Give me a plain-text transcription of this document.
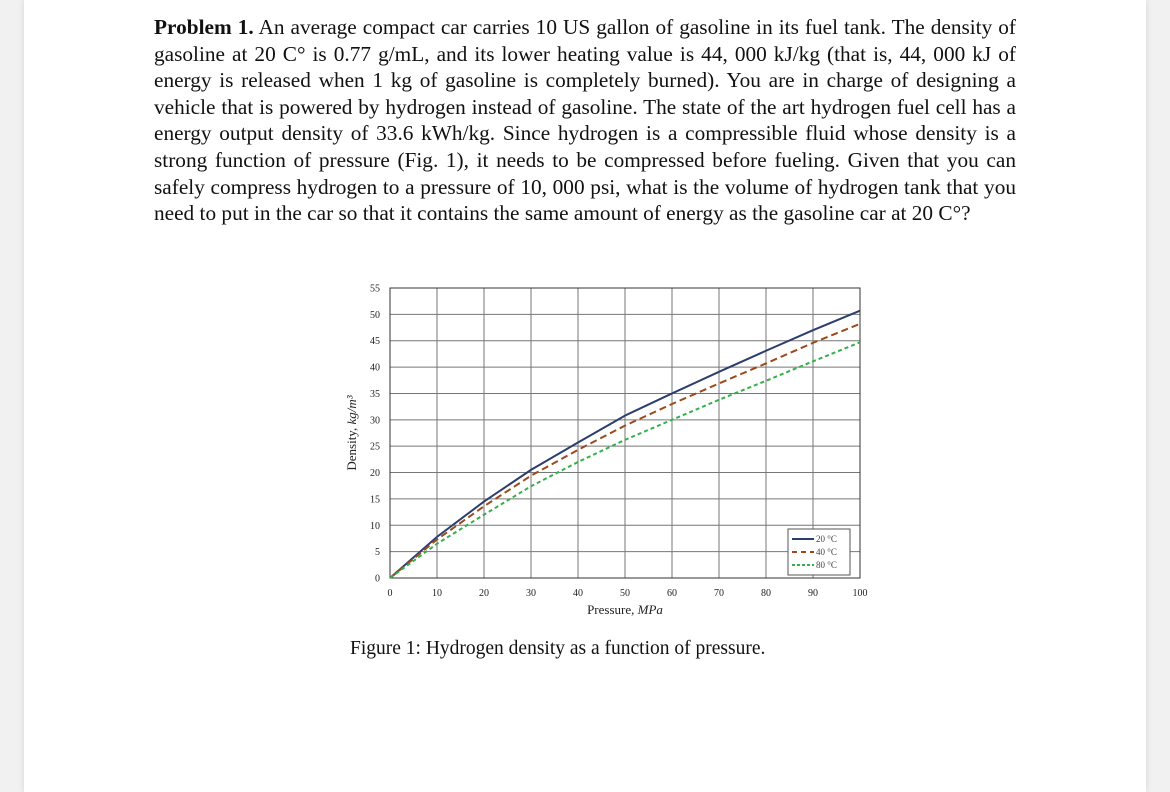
Problem 1. An average compact car carries 10 US gallon of gasoline in its fuel tank. The density of gasoline at 20 C° is 0.77 g/mL, and its lower heating value is 44, 000 kJ/kg (that is, 44, 000 kJ of energy is released when 1 kg of gasoline is completely burned). You are in charge of designing a vehicle that is powered by hydrogen instead of gasoline. The state of the art hydrogen fuel cell has a energy output density of 33.6 kWh/kg. Since hydrogen is a compressible fluid whose density is a strong function of pressure (Fig. 1), it needs to be compressed before fueling. Given that you can safely compress hydrogen to a pressure of 10, 000 psi, what is the volume of hydrogen tank that you need to put in the car so that it contains the same amount of energy as the gasoline car at 20 C°?

0	10	20	30	40	50	60	70	80	90	100
0
5
10
15
20
25
30
35
40
45
50
55
Pressure, MPa
Density, kg/m³
20 °C
40 °C
80 °C
Figure 1: Hydrogen density as a function of pressure.
